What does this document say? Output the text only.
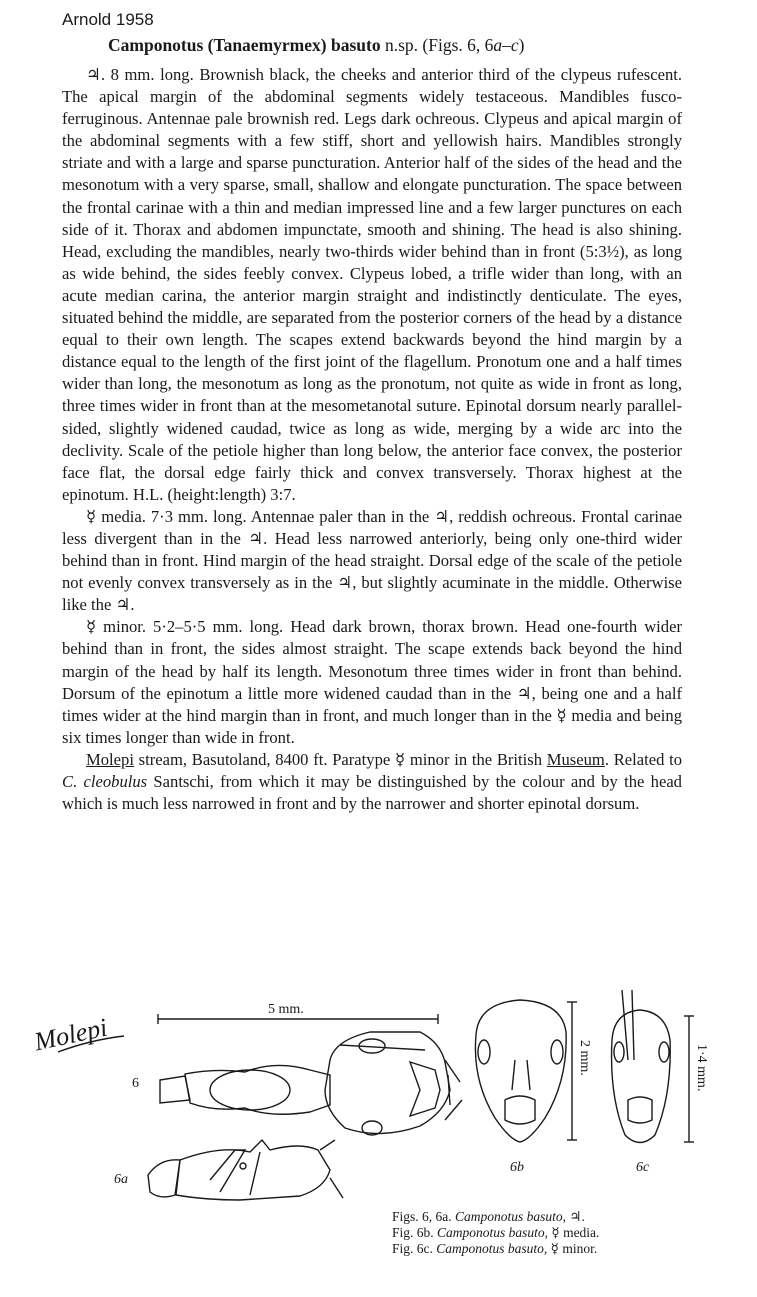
Arnold 1958
Camponotus (Tanaemyrmex) basuto n.sp. (Figs. 6, 6a–c)

♃. 8 mm. long. Brownish black, the cheeks and anterior third of the clypeus rufescent. The apical margin of the abdominal segments widely testaceous. Mandibles fusco-ferruginous. Antennae pale brownish red. Legs dark ochreous. Clypeus and apical margin of the abdominal segments with a few stiff, short and yellowish hairs. Mandibles strongly striate and with a large and sparse puncturation. Anterior half of the sides of the head and the mesonotum with a very sparse, small, shallow and elongate puncturation. The space between the frontal carinae with a thin and median impressed line and a few larger punctures on each side of it. Thorax and abdomen impunctate, smooth and shining. The head is also shining. Head, excluding the mandibles, nearly two-thirds wider behind than in front (5:3½), as long as wide behind, the sides feebly convex. Clypeus lobed, a trifle wider than long, with an acute median carina, the anterior margin straight and indistinctly denticulate. The eyes, situated behind the middle, are separated from the posterior corners of the head by a distance equal to their own length. The scapes extend backwards beyond the hind margin by a distance equal to the length of the first joint of the flagellum. Pronotum one and a half times wider than long, the mesonotum as long as the pronotum, not quite as wide in front as long, three times wider in front than at the mesometanotal suture. Epinotal dorsum nearly parallel-sided, slightly widened caudad, twice as long as wide, merging by a wide arc into the declivity. Scale of the petiole higher than long below, the anterior face convex, the posterior face flat, the dorsal edge fairly thick and convex transversely. Thorax highest at the epinotum. H.L. (height:length) 3:7.

☿ media. 7·3 mm. long. Antennae paler than in the ♃, reddish ochreous. Frontal carinae less divergent than in the ♃. Head less narrowed anteriorly, being only one-third wider behind than in front. Hind margin of the head straight. Dorsal edge of the scale of the petiole not evenly convex transversely as in the ♃, but slightly acuminate in the middle. Otherwise like the ♃.

☿ minor. 5·2–5·5 mm. long. Head dark brown, thorax brown. Head one-fourth wider behind than in front, the sides almost straight. The scape extends back beyond the hind margin of the head by half its length. Mesonotum three times wider in front than behind. Dorsum of the epinotum a little more widened caudad than in the ♃, being one and a half times wider at the hind margin than in front, and much longer than in the ☿ media and being six times longer than wide in front.

Molepi stream, Basutoland, 8400 ft. Paratype ☿ minor in the British Museum. Related to C. cleobulus Santschi, from which it may be distinguished by the colour and by the head which is much less narrowed in front and by the narrower and shorter epinotal dorsum.

5 mm.
6
6a
6b	6c
2 mm.	1·4 mm.
Molepi
Figs. 6, 6a. Camponotus basuto, ♃.
Fig. 6b. Camponotus basuto, ☿ media.
Fig. 6c. Camponotus basuto, ☿ minor.
